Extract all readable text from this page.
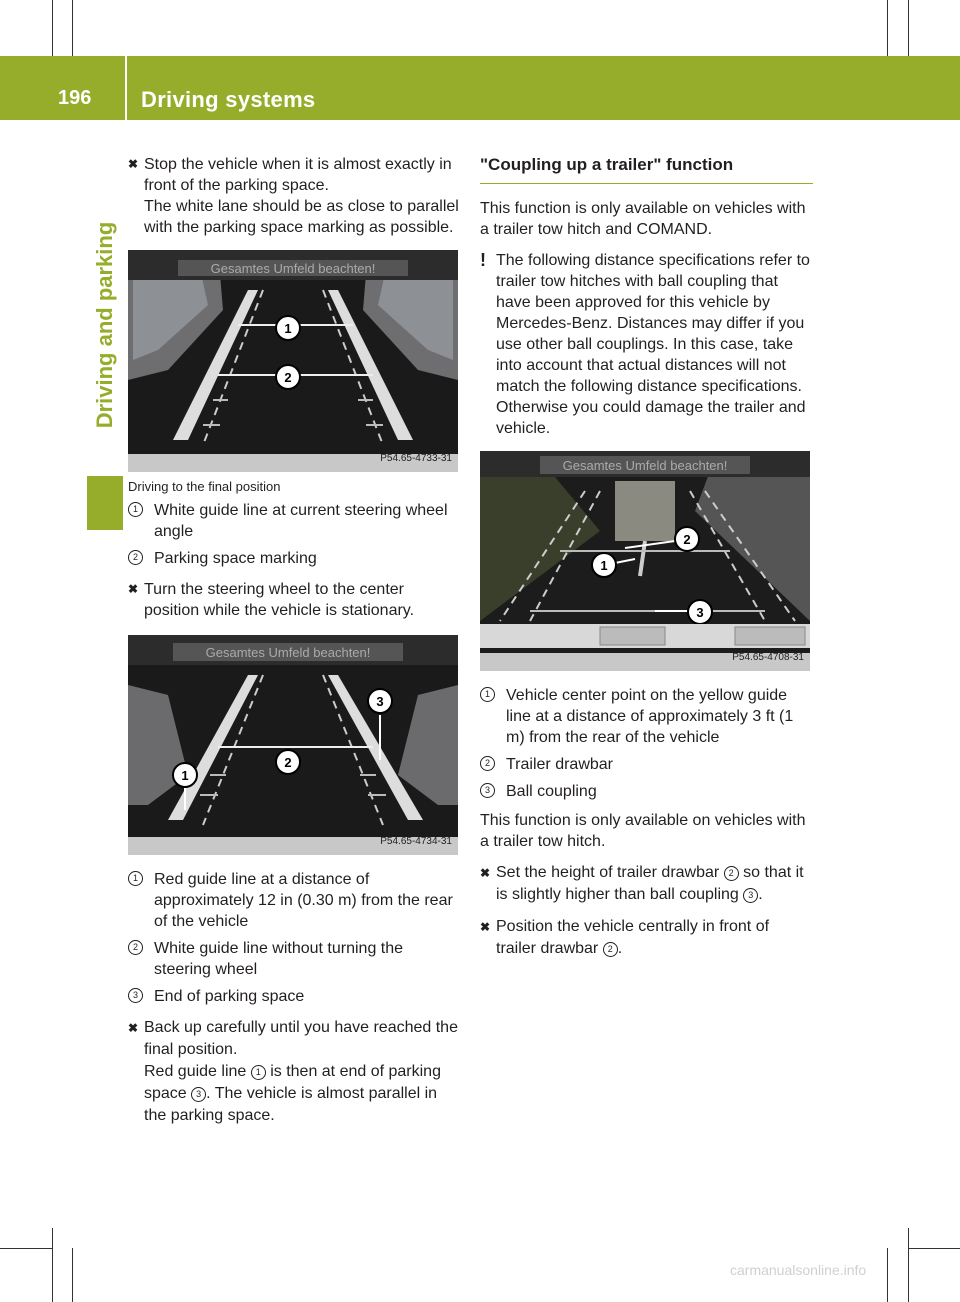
196	Driving systems
Driving and parking
✖ Stop the vehicle when it is almost exactly in front of the parking space.
The white lane should be as close to parallel with the parking space marking as possible.
Gesamtes Umfeld beachten!
1
2
P54.65-4733-31
Driving to the final position
1	White guide line at current steering wheel angle
2	Parking space marking
✖ Turn the steering wheel to the center position while the vehicle is stationary.
Gesamtes Umfeld beachten!
3
2
1
P54.65-4734-31
1	Red guide line at a distance of approximately 12 in (0.30 m) from the rear of the vehicle
2	White guide line without turning the steering wheel
3	End of parking space
✖ Back up carefully until you have reached the final position.
Red guide line 1 is then at end of parking space 3 . The vehicle is almost parallel in the parking space.
"Coupling up a trailer" function
This function is only available on vehicles with a trailer tow hitch and COMAND.
! The following distance specifications refer to trailer tow hitches with ball coupling that have been approved for this vehicle by Mercedes-Benz. Distances may differ if you use other ball couplings. In this case, take into account that actual distances will not match the following distance specifications. Otherwise you could damage the trailer and vehicle.
Gesamtes Umfeld beachten!
2
1
3
P54.65-4708-31
1	Vehicle center point on the yellow guide line at a distance of approximately 3 ft (1 m) from the rear of the vehicle
2	Trailer drawbar
3	Ball coupling
This function is only available on vehicles with a trailer tow hitch.
✖ Set the height of trailer drawbar 2 so that it is slightly higher than ball coupling 3 .
✖ Position the vehicle centrally in front of trailer drawbar 2 .
carmanualsonline.info
